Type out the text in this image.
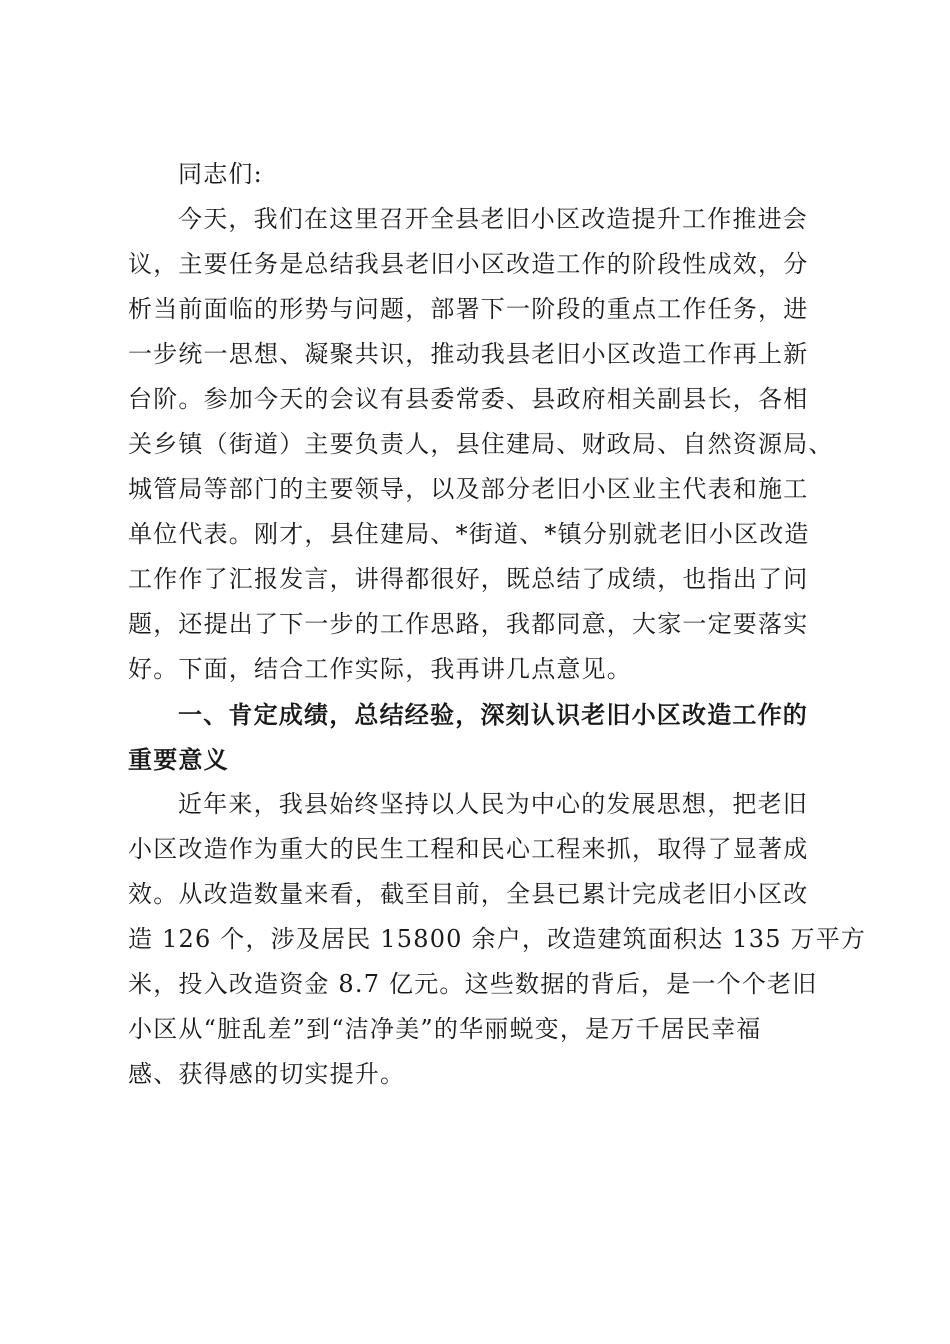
同志们:
今天，我们在这里召开全县老旧小区改造提升工作推进会
议，主要任务是总结我县老旧小区改造工作的阶段性成效，分
析当前面临的形势与问题，部署下一阶段的重点工作任务，进
一步统一思想、凝聚共识，推动我县老旧小区改造工作再上新
台阶。参加今天的会议有县委常委、县政府相关副县长，各相
关乡镇（街道）主要负责人，县住建局、财政局、自然资源局、
城管局等部门的主要领导，以及部分老旧小区业主代表和施工
单位代表。刚才，县住建局、*街道、*镇分别就老旧小区改造
工作作了汇报发言，讲得都很好，既总结了成绩，也指出了问
题，还提出了下一步的工作思路，我都同意，大家一定要落实
好。下面，结合工作实际，我再讲几点意见。
一、肯定成绩，总结经验，深刻认识老旧小区改造工作的
重要意义
近年来，我县始终坚持以人民为中心的发展思想，把老旧
小区改造作为重大的民生工程和民心工程来抓，取得了显著成
效。从改造数量来看，截至目前，全县已累计完成老旧小区改
造 126 个，涉及居民 15800 余户，改造建筑面积达 135 万平方
米，投入改造资金 8.7 亿元。这些数据的背后，是一个个老旧
小区从“脏乱差”到“洁净美”的华丽蜕变，是万千居民幸福
感、获得感的切实提升。
